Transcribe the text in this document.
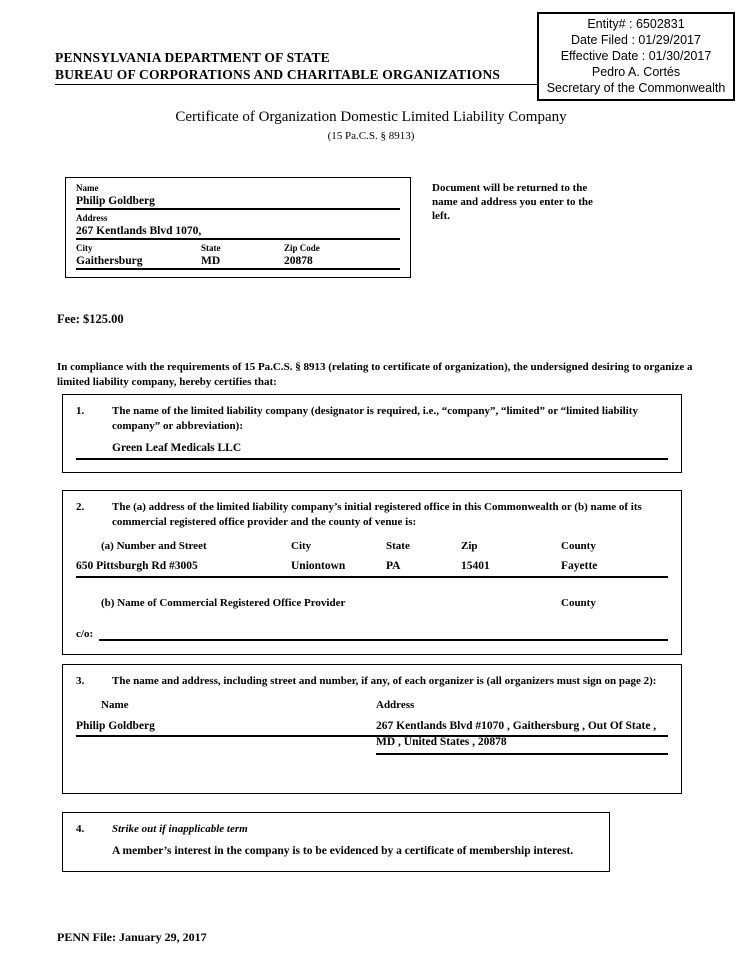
Entity# : 6502831
Date Filed : 01/29/2017
Effective Date : 01/30/2017
Pedro A. Cortés
Secretary of the Commonwealth
PENNSYLVANIA DEPARTMENT OF STATE
BUREAU OF CORPORATIONS AND CHARITABLE ORGANIZATIONS
Certificate of Organization Domestic Limited Liability Company
(15 Pa.C.S. § 8913)
Name
Philip Goldberg
Address
267 Kentlands Blvd 1070,
City	State	Zip Code
Gaithersburg	MD	20878
Document will be returned to the name and address you enter to the left.
Fee: $125.00
In compliance with the requirements of 15 Pa.C.S. § 8913 (relating to certificate of organization), the undersigned desiring to organize a limited liability company, hereby certifies that:
1.	The name of the limited liability company (designator is required, i.e., “company”, “limited” or “limited liability company” or abbreviation):
Green Leaf Medicals LLC
2.	The (a) address of the limited liability company’s initial registered office in this Commonwealth or (b) name of its commercial registered office provider and the county of venue is:
(a) Number and Street	City	State	Zip	County
650 Pittsburgh Rd #3005	Uniontown	PA	15401	Fayette
(b) Name of Commercial Registered Office Provider	County
c/o:
3.	The name and address, including street and number, if any, of each organizer is (all organizers must sign on page 2):
Name	Address
Philip Goldberg	267 Kentlands Blvd #1070 , Gaithersburg , Out Of State , MD , United States , 20878
4.	Strike out if inapplicable term
A member’s interest in the company is to be evidenced by a certificate of membership interest.
PENN File: January 29, 2017
